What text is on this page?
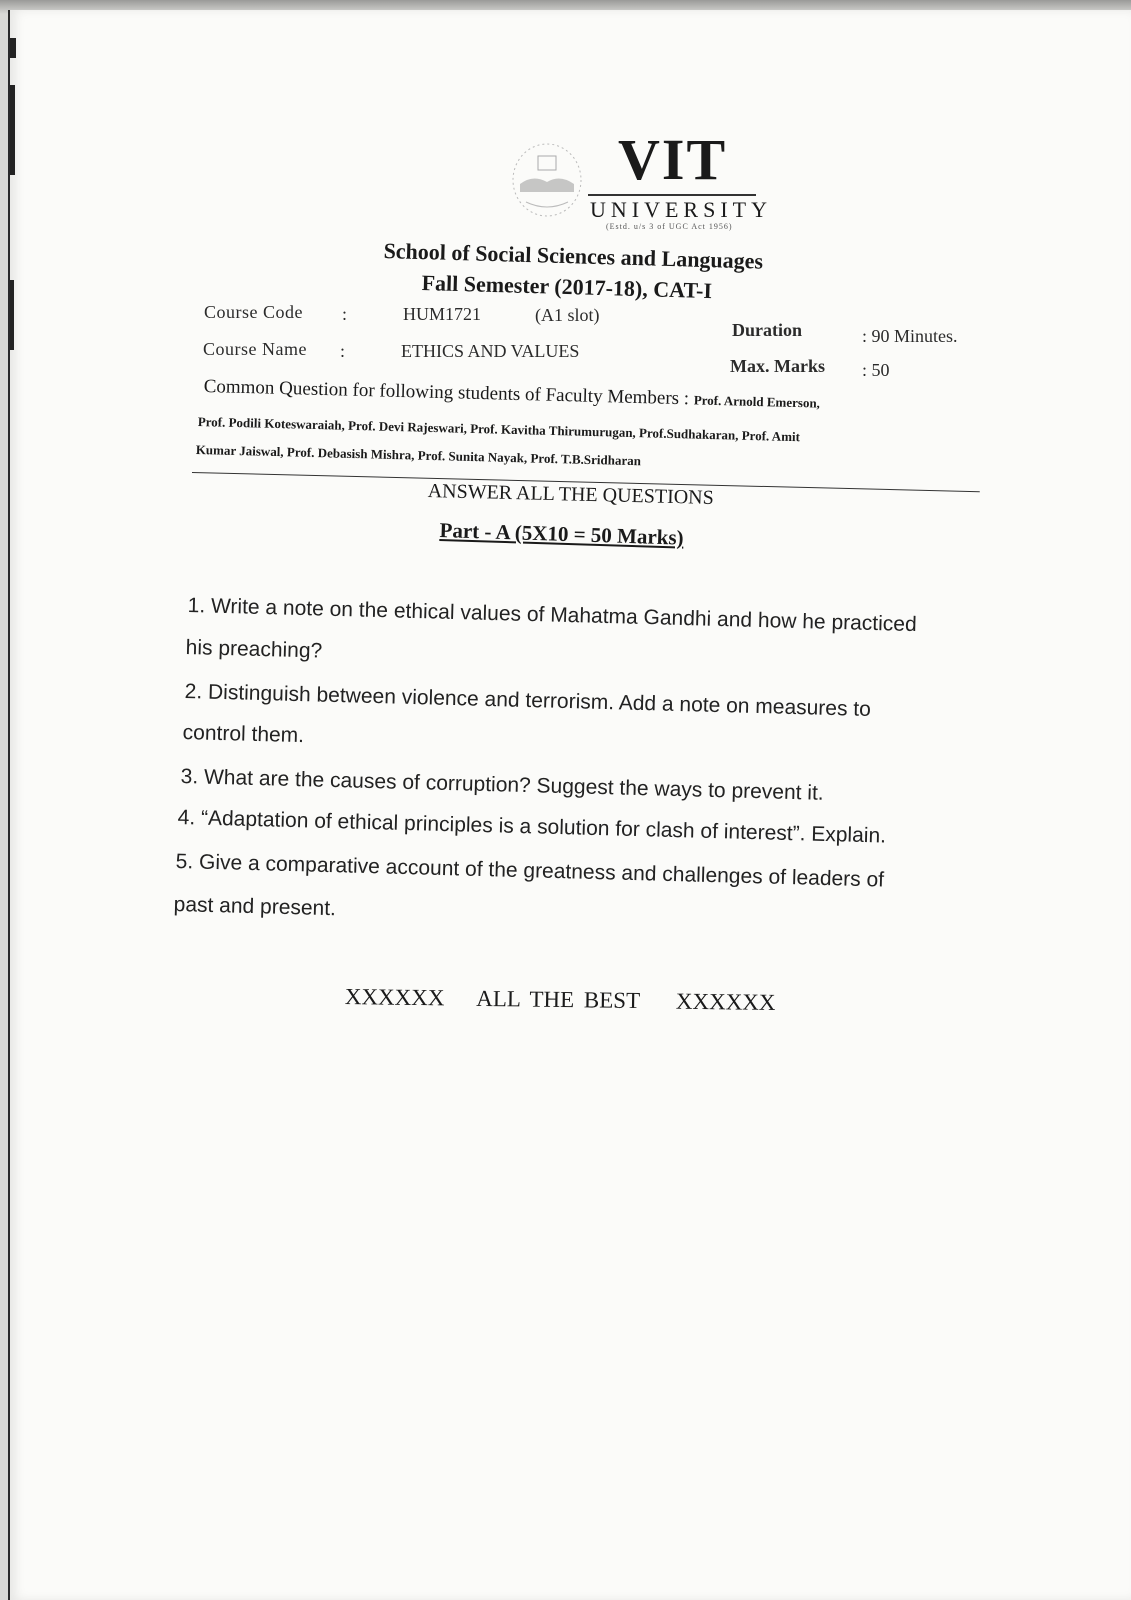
VIT
UNIVERSITY
(Estd. u/s 3 of UGC Act 1956)
School of Social Sciences and Languages
Fall Semester (2017-18), CAT-I
Course Code :	HUM1721	(A1 slot)
Course Name :	ETHICS AND VALUES
Duration	: 90 Minutes.
Max. Marks : 50
Common Question for following students of Faculty Members : Prof. Arnold Emerson,
Prof. Podili Koteswaraiah, Prof. Devi Rajeswari, Prof. Kavitha Thirumurugan, Prof.Sudhakaran, Prof. Amit
Kumar Jaiswal, Prof. Debasish Mishra, Prof. Sunita Nayak, Prof. T.B.Sridharan
ANSWER ALL THE QUESTIONS
Part - A (5X10 = 50 Marks)
1. Write a note on the ethical values of Mahatma Gandhi and how he practiced
his preaching?
2. Distinguish between violence and terrorism. Add a note on measures to
control them.
3. What are the causes of corruption? Suggest the ways to prevent it.
4. “Adaptation of ethical principles is a solution for clash of interest”. Explain.
5. Give a comparative account of the greatness and challenges of leaders of
past and present.
XXXXXX ALL THE BEST XXXXXX
